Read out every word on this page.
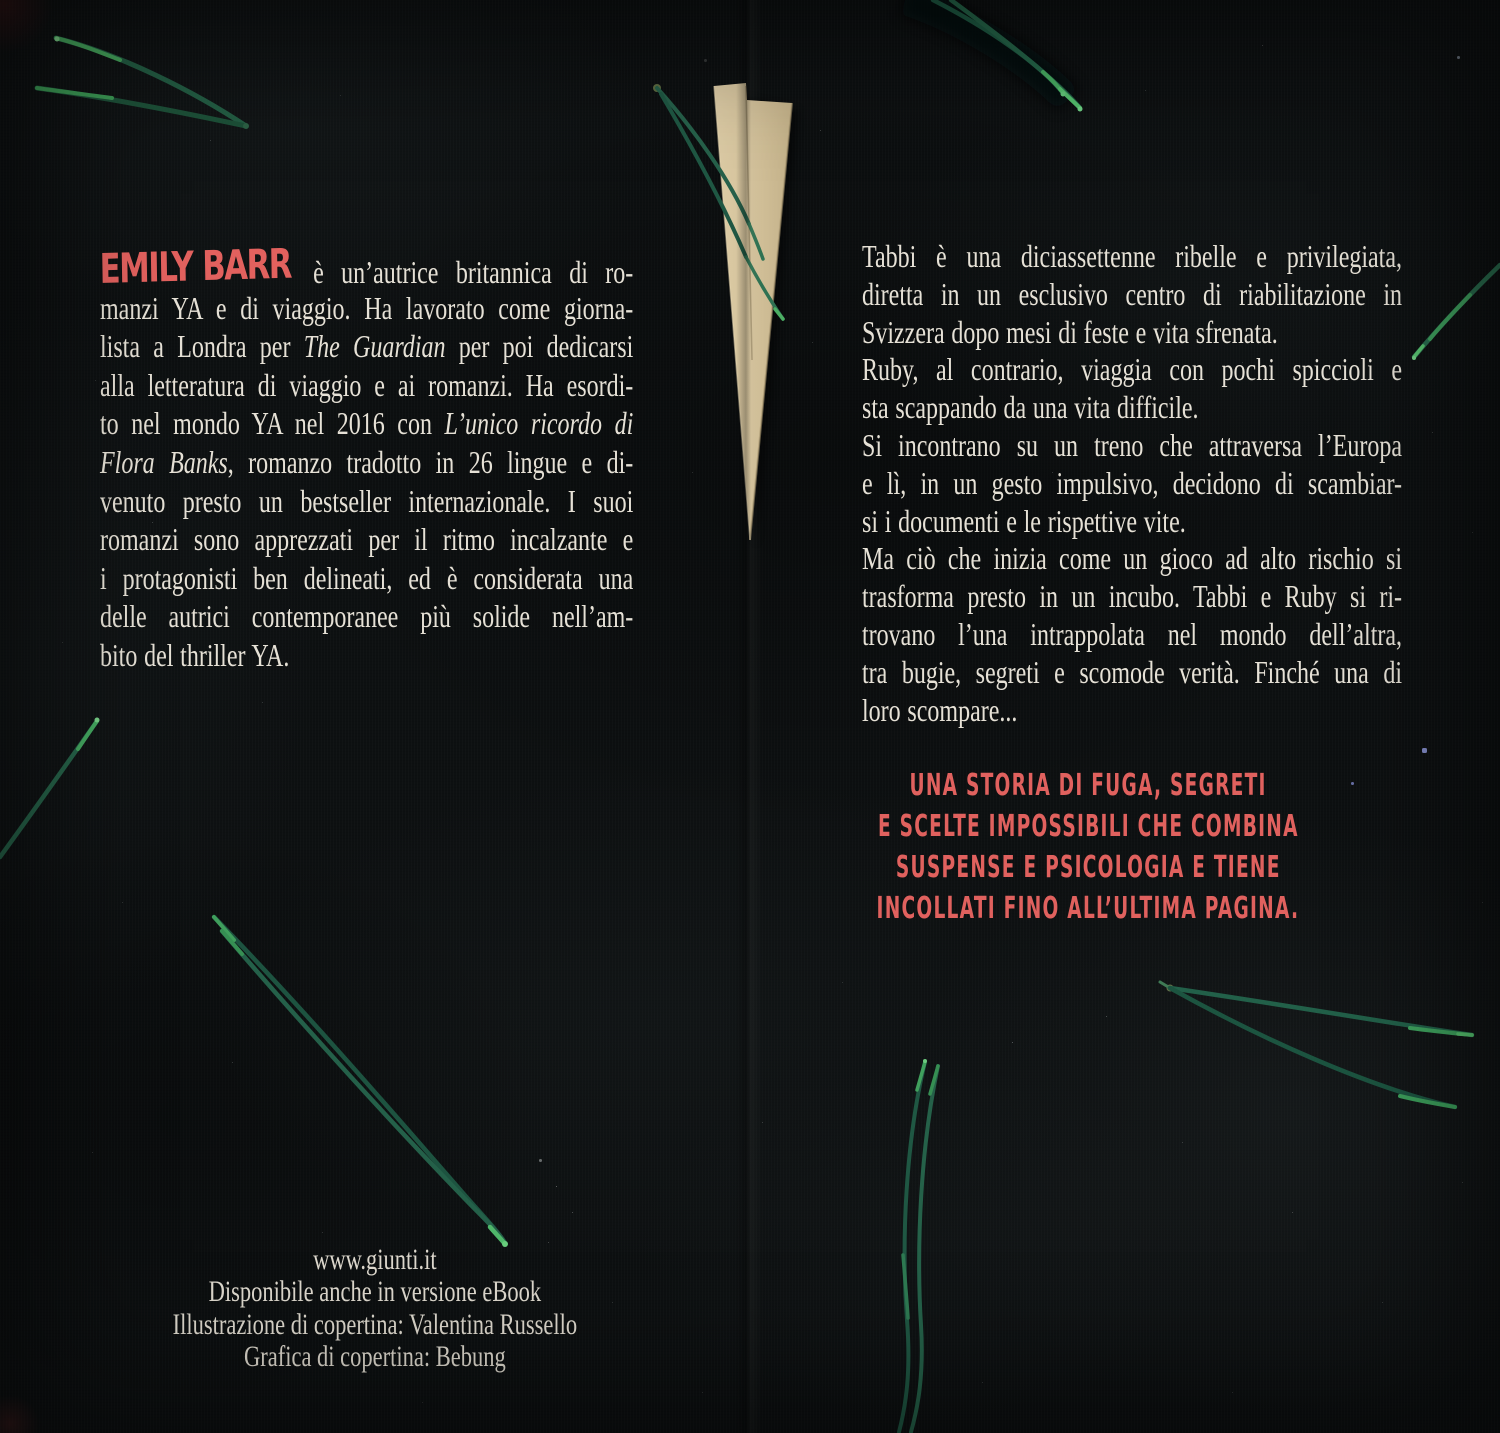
EMILY BARR è un’autrice britannica di ro-
manzi YA e di viaggio. Ha lavorato come giorna-
lista a Londra per The Guardian per poi dedicarsi
alla letteratura di viaggio e ai romanzi. Ha esordi-
to nel mondo YA nel 2016 con L’unico ricordo di
Flora Banks, romanzo tradotto in 26 lingue e di-
venuto presto un bestseller internazionale. I suoi
romanzi sono apprezzati per il ritmo incalzante e
i protagonisti ben delineati, ed è considerata una
delle autrici contemporanee più solide nell’am-
bito del thriller YA.
www.giunti.it
Disponibile anche in versione eBook
Illustrazione di copertina: Valentina Russello
Grafica di copertina: Bebung
Tabbi è una diciassettenne ribelle e privilegiata,
diretta in un esclusivo centro di riabilitazione in
Svizzera dopo mesi di feste e vita sfrenata.
Ruby, al contrario, viaggia con pochi spiccioli e
sta scappando da una vita difficile.
Si incontrano su un treno che attraversa l’Europa
e lì, in un gesto impulsivo, decidono di scambiar-
si i documenti e le rispettive vite.
Ma ciò che inizia come un gioco ad alto rischio si
trasforma presto in un incubo. Tabbi e Ruby si ri-
trovano l’una intrappolata nel mondo dell’altra,
tra bugie, segreti e scomode verità. Finché una di
loro scompare...
UNA STORIA DI FUGA, SEGRETI
E SCELTE IMPOSSIBILI CHE COMBINA
SUSPENSE E PSICOLOGIA E TIENE
INCOLLATI FINO ALL’ULTIMA PAGINA.
